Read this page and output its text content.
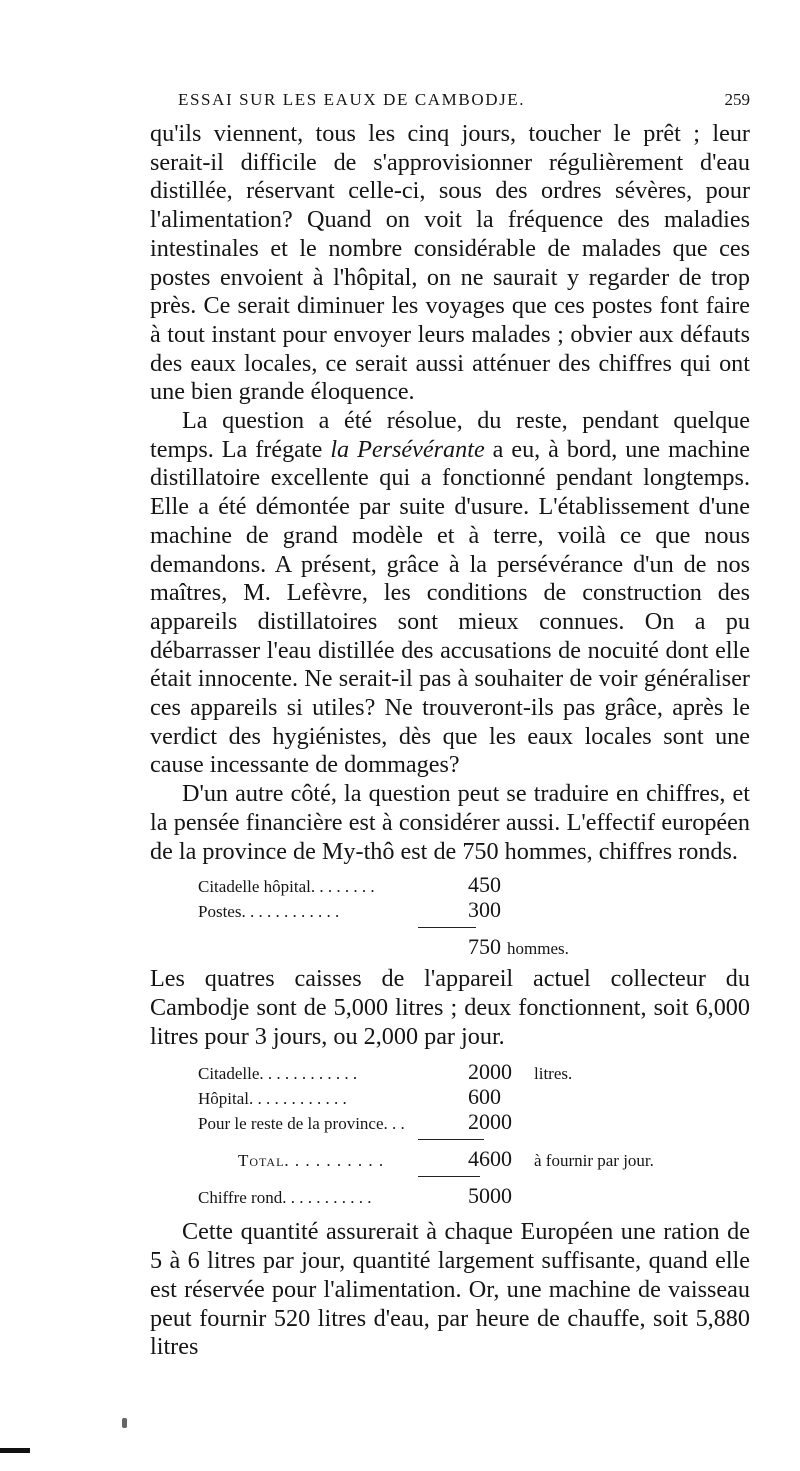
ESSAI SUR LES EAUX DE CAMBODJE.	259

qu'ils viennent, tous les cinq jours, toucher le prêt ; leur serait-il difficile de s'approvisionner régulièrement d'eau distillée, réservant celle-ci, sous des ordres sévères, pour l'alimentation? Quand on voit la fréquence des maladies intestinales et le nombre considérable de malades que ces postes envoient à l'hôpital, on ne saurait y regarder de trop près. Ce serait diminuer les voyages que ces postes font faire à tout instant pour envoyer leurs malades ; obvier aux défauts des eaux locales, ce serait aussi atténuer des chiffres qui ont une bien grande éloquence.

La question a été résolue, du reste, pendant quelque temps. La frégate la Persévérante a eu, à bord, une machine distillatoire excellente qui a fonctionné pendant longtemps. Elle a été démontée par suite d'usure. L'établissement d'une machine de grand modèle et à terre, voilà ce que nous demandons. A présent, grâce à la persévérance d'un de nos maîtres, M. Lefèvre, les conditions de construction des appareils distillatoires sont mieux connues. On a pu débarrasser l'eau distillée des accusations de nocuité dont elle était innocente. Ne serait-il pas à souhaiter de voir généraliser ces appareils si utiles? Ne trouveront-ils pas grâce, après le verdict des hygiénistes, dès que les eaux locales sont une cause incessante de dommages?

D'un autre côté, la question peut se traduire en chiffres, et la pensée financière est à considérer aussi. L'effectif européen de la province de My-thô est de 750 hommes, chiffres ronds.

Citadelle hôpital. . . . . . . .	450
Postes. . . . . . . . . . . .	300
750 hommes.

Les quatres caisses de l'appareil actuel collecteur du Cambodje sont de 5,000 litres ; deux fonctionnent, soit 6,000 litres pour 3 jours, ou 2,000 par jour.

Citadelle. . . . . . . . . . . .	2000	litres.
Hôpital. . . . . . . . . . . .	600
Pour le reste de la province. . .	2000
Total. . . . . . . . . .	4600	à fournir par jour.
Chiffre rond. . . . . . . . . . .	5000

Cette quantité assurerait à chaque Européen une ration de 5 à 6 litres par jour, quantité largement suffisante, quand elle est réservée pour l'alimentation. Or, une machine de vaisseau peut fournir 520 litres d'eau, par heure de chauffe, soit 5,880 litres
